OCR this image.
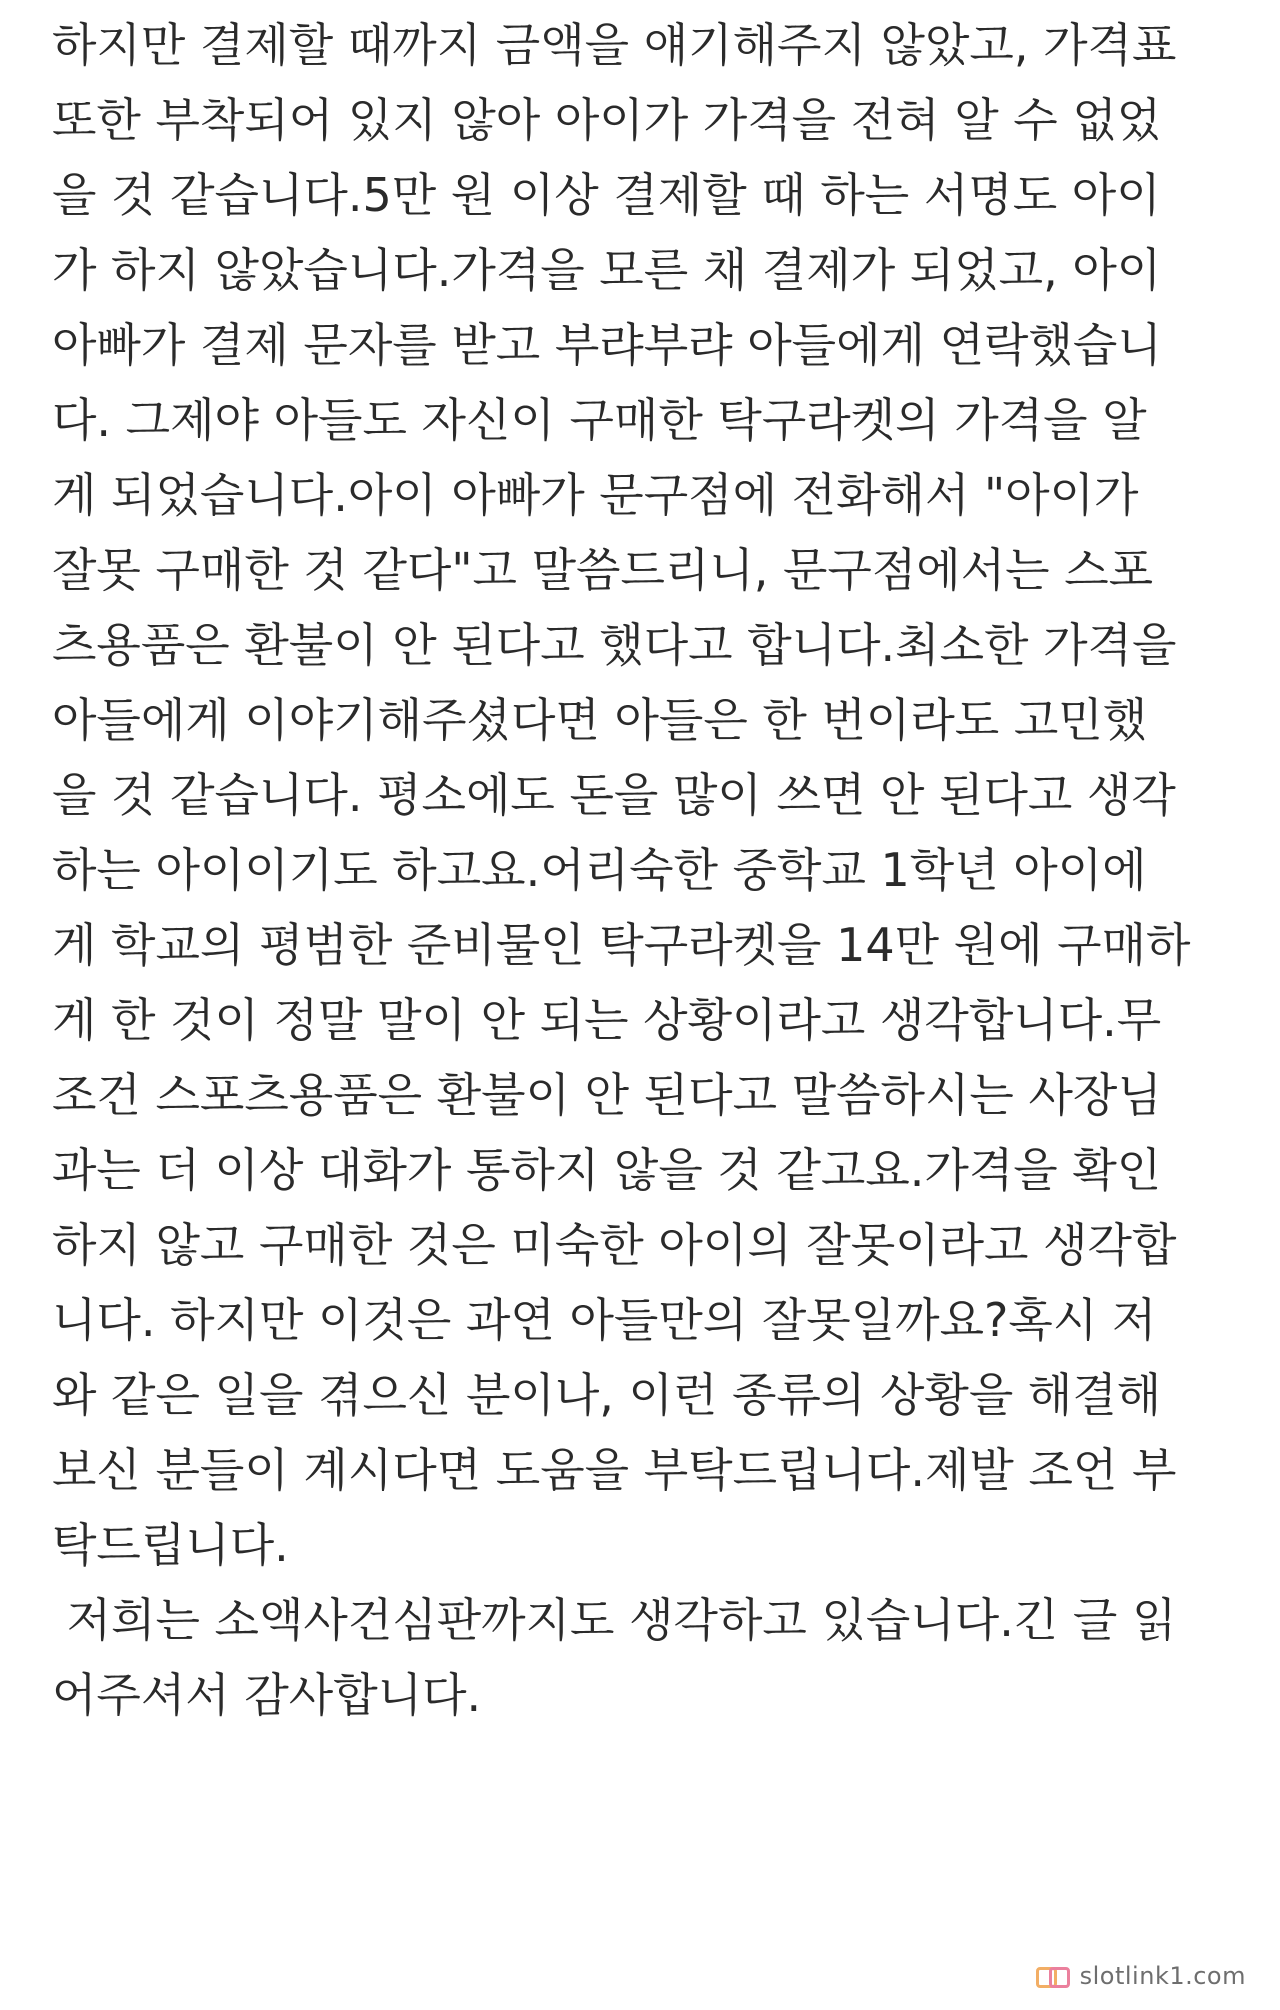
하지만 결제할 때까지 금액을 얘기해주지 않았고, 가격표
또한 부착되어 있지 않아 아이가 가격을 전혀 알 수 없었
을 것 같습니다.5만 원 이상 결제할 때 하는 서명도 아이
가 하지 않았습니다.가격을 모른 채 결제가 되었고, 아이
아빠가 결제 문자를 받고 부랴부랴 아들에게 연락했습니
다. 그제야 아들도 자신이 구매한 탁구라켓의 가격을 알
게 되었습니다.아이 아빠가 문구점에 전화해서 "아이가
잘못 구매한 것 같다"고 말씀드리니, 문구점에서는 스포
츠용품은 환불이 안 된다고 했다고 합니다.최소한 가격을
아들에게 이야기해주셨다면 아들은 한 번이라도 고민했
을 것 같습니다. 평소에도 돈을 많이 쓰면 안 된다고 생각
하는 아이이기도 하고요.어리숙한 중학교 1학년 아이에
게 학교의 평범한 준비물인 탁구라켓을 14만 원에 구매하
게 한 것이 정말 말이 안 되는 상황이라고 생각합니다.무
조건 스포츠용품은 환불이 안 된다고 말씀하시는 사장님
과는 더 이상 대화가 통하지 않을 것 같고요.가격을 확인
하지 않고 구매한 것은 미숙한 아이의 잘못이라고 생각합
니다. 하지만 이것은 과연 아들만의 잘못일까요?혹시 저
와 같은 일을 겪으신 분이나, 이런 종류의 상황을 해결해
보신 분들이 계시다면 도움을 부탁드립니다.제발 조언 부
탁드립니다.
저희는 소액사건심판까지도 생각하고 있습니다.긴 글 읽
어주셔서 감사합니다.
slotlink1.com
